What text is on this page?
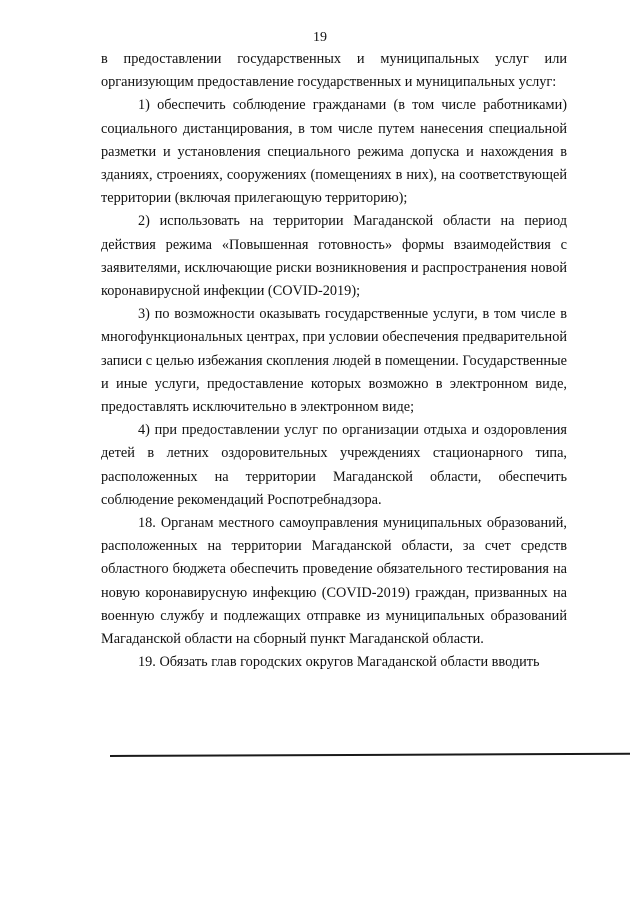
19

в предоставлении государственных и муниципальных услуг или организующим предоставление государственных и муниципальных услуг:

1) обеспечить соблюдение гражданами (в том числе работниками) социального дистанцирования, в том числе путем нанесения специальной разметки и установления специального режима допуска и нахождения в зданиях, строениях, сооружениях (помещениях в них), на соответствующей территории (включая прилегающую территорию);

2) использовать на территории Магаданской области на период действия режима «Повышенная готовность» формы взаимодействия с заявителями, исключающие риски возникновения и распространения новой коронавирусной инфекции (COVID-2019);

3) по возможности оказывать государственные услуги, в том числе в многофункциональных центрах, при условии обеспечения предварительной записи с целью избежания скопления людей в помещении. Государственные и иные услуги, предоставление которых возможно в электронном виде, предоставлять исключительно в электронном виде;

4) при предоставлении услуг по организации отдыха и оздоровления детей в летних оздоровительных учреждениях стационарного типа, расположенных на территории Магаданской области, обеспечить соблюдение рекомендаций Роспотребнадзора.

18. Органам местного самоуправления муниципальных образований, расположенных на территории Магаданской области, за счет средств областного бюджета обеспечить проведение обязательного тестирования на новую коронавирусную инфекцию (COVID-2019) граждан, призванных на военную службу и подлежащих отправке из муниципальных образований Магаданской области на сборный пункт Магаданской области.

19. Обязать глав городских округов Магаданской области вводить
